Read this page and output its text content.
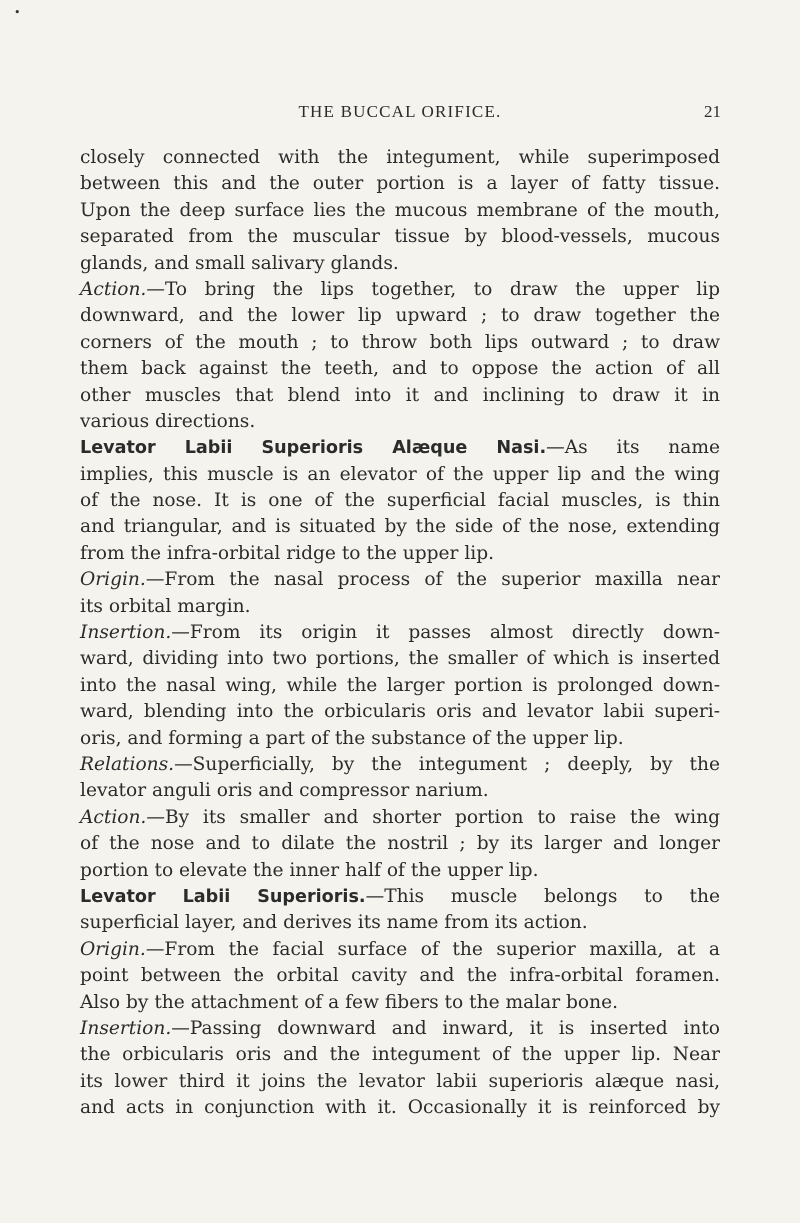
•
THE BUCCAL ORIFICE.	21
closely connected with the integument, while superimposed
between this and the outer portion is a layer of fatty tissue.
Upon the deep surface lies the mucous membrane of the mouth,
separated from the muscular tissue by blood-vessels, mucous
glands, and small salivary glands.
Action.—To bring the lips together, to draw the upper lip
downward, and the lower lip upward ; to draw together the
corners of the mouth ; to throw both lips outward ; to draw
them back against the teeth, and to oppose the action of all
other muscles that blend into it and inclining to draw it in
various directions.
Levator Labii Superioris Alæque Nasi.—As its name
implies, this muscle is an elevator of the upper lip and the wing
of the nose. It is one of the superficial facial muscles, is thin
and triangular, and is situated by the side of the nose, extending
from the infra-orbital ridge to the upper lip.
Origin.—From the nasal process of the superior maxilla near
its orbital margin.
Insertion.—From its origin it passes almost directly down-
ward, dividing into two portions, the smaller of which is inserted
into the nasal wing, while the larger portion is prolonged down-
ward, blending into the orbicularis oris and levator labii superi-
oris, and forming a part of the substance of the upper lip.
Relations.—Superficially, by the integument ; deeply, by the
levator anguli oris and compressor narium.
Action.—By its smaller and shorter portion to raise the wing
of the nose and to dilate the nostril ; by its larger and longer
portion to elevate the inner half of the upper lip.
Levator Labii Superioris.—This muscle belongs to the
superficial layer, and derives its name from its action.
Origin.—From the facial surface of the superior maxilla, at a
point between the orbital cavity and the infra-orbital foramen.
Also by the attachment of a few fibers to the malar bone.
Insertion.—Passing downward and inward, it is inserted into
the orbicularis oris and the integument of the upper lip. Near
its lower third it joins the levator labii superioris alæque nasi,
and acts in conjunction with it. Occasionally it is reinforced by
